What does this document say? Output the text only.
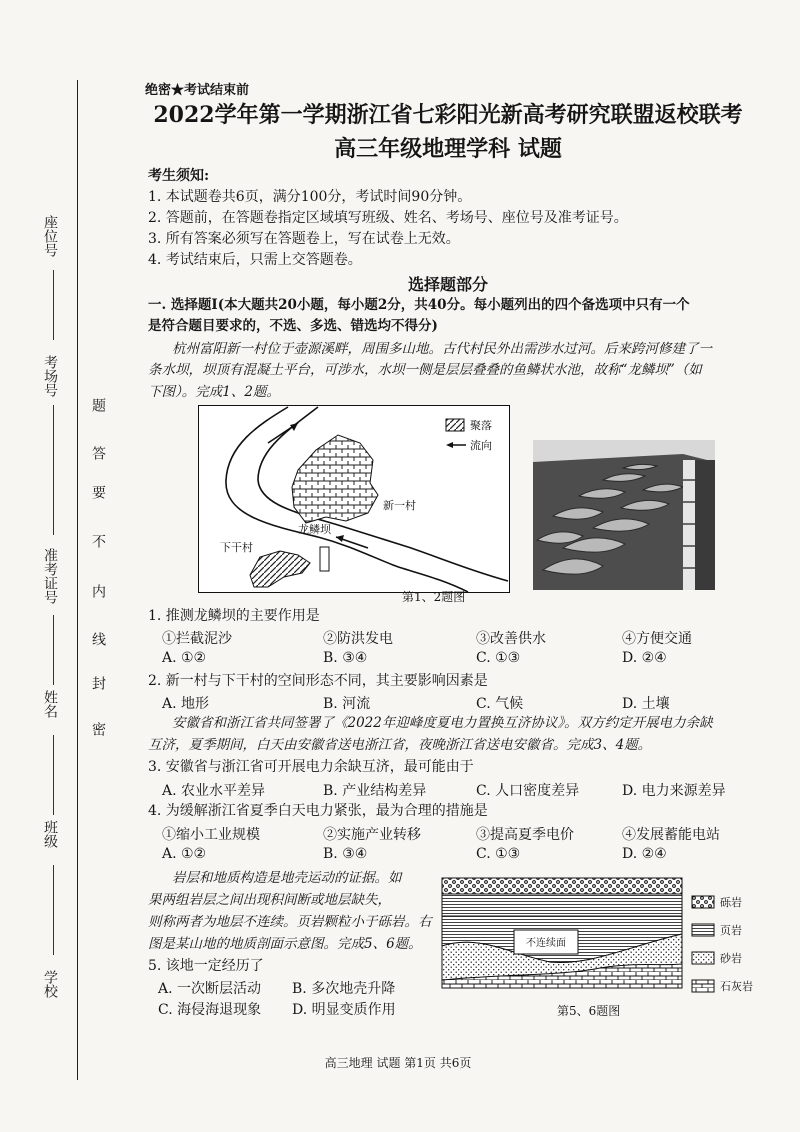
座位号
考场号
准考证号
姓名
班级
学校
题
答
要
不
内
线
封
密
绝密★考试结束前
2022学年第一学期浙江省七彩阳光新高考研究联盟返校联考
高三年级地理学科 试题
考生须知:
1. 本试题卷共6页，满分100分，考试时间90分钟。
2. 答题前，在答题卷指定区域填写班级、姓名、考场号、座位号及准考证号。
3. 所有答案必须写在答题卷上，写在试卷上无效。
4. 考试结束后，只需上交答题卷。
选择题部分
一. 选择题I(本大题共20小题，每小题2分，共40分。每小题列出的四个备选项中只有一个
是符合题目要求的，不选、多选、错选均不得分)
杭州富阳新一村位于壶源溪畔，周围多山地。古代村民外出需涉水过河。后来跨河修建了一
条水坝，坝顶有混凝土平台，可涉水，水坝一侧是层层叠叠的鱼鳞状水池，故称“龙鳞坝”（如
下图）。完成1、2题。
聚落
流向
新一村
下干村
龙鳞坝
第1、2题图
1. 推测龙鳞坝的主要作用是
①拦截泥沙	②防洪发电	③改善供水	④方便交通
A. ①②	B. ③④	C. ①③	D. ②④
2. 新一村与下干村的空间形态不同，其主要影响因素是
A. 地形	B. 河流	C. 气候	D. 土壤
安徽省和浙江省共同签署了《2022年迎峰度夏电力置换互济协议》。双方约定开展电力余缺
互济，夏季期间，白天由安徽省送电浙江省，夜晚浙江省送电安徽省。完成3、4题。
3. 安徽省与浙江省可开展电力余缺互济，最可能由于
A. 农业水平差异	B. 产业结构差异	C. 人口密度差异	D. 电力来源差异
4. 为缓解浙江省夏季白天电力紧张，最为合理的措施是
①缩小工业规模	②实施产业转移	③提高夏季电价	④发展蓄能电站
A. ①②	B. ③④	C. ①③	D. ②④
岩层和地质构造是地壳运动的证据。如
果两组岩层之间出现积间断或地层缺失，
则称两者为地层不连续。页岩颗粒小于砾岩。右
图是某山地的地质剖面示意图。完成5、6题。
5. 该地一定经历了
A. 一次断层活动 B. 多次地壳升降
C. 海侵海退现象 D. 明显变质作用
不连续面
砾岩
页岩
砂岩
石灰岩
第5、6题图
高三地理 试题 第1页 共6页
